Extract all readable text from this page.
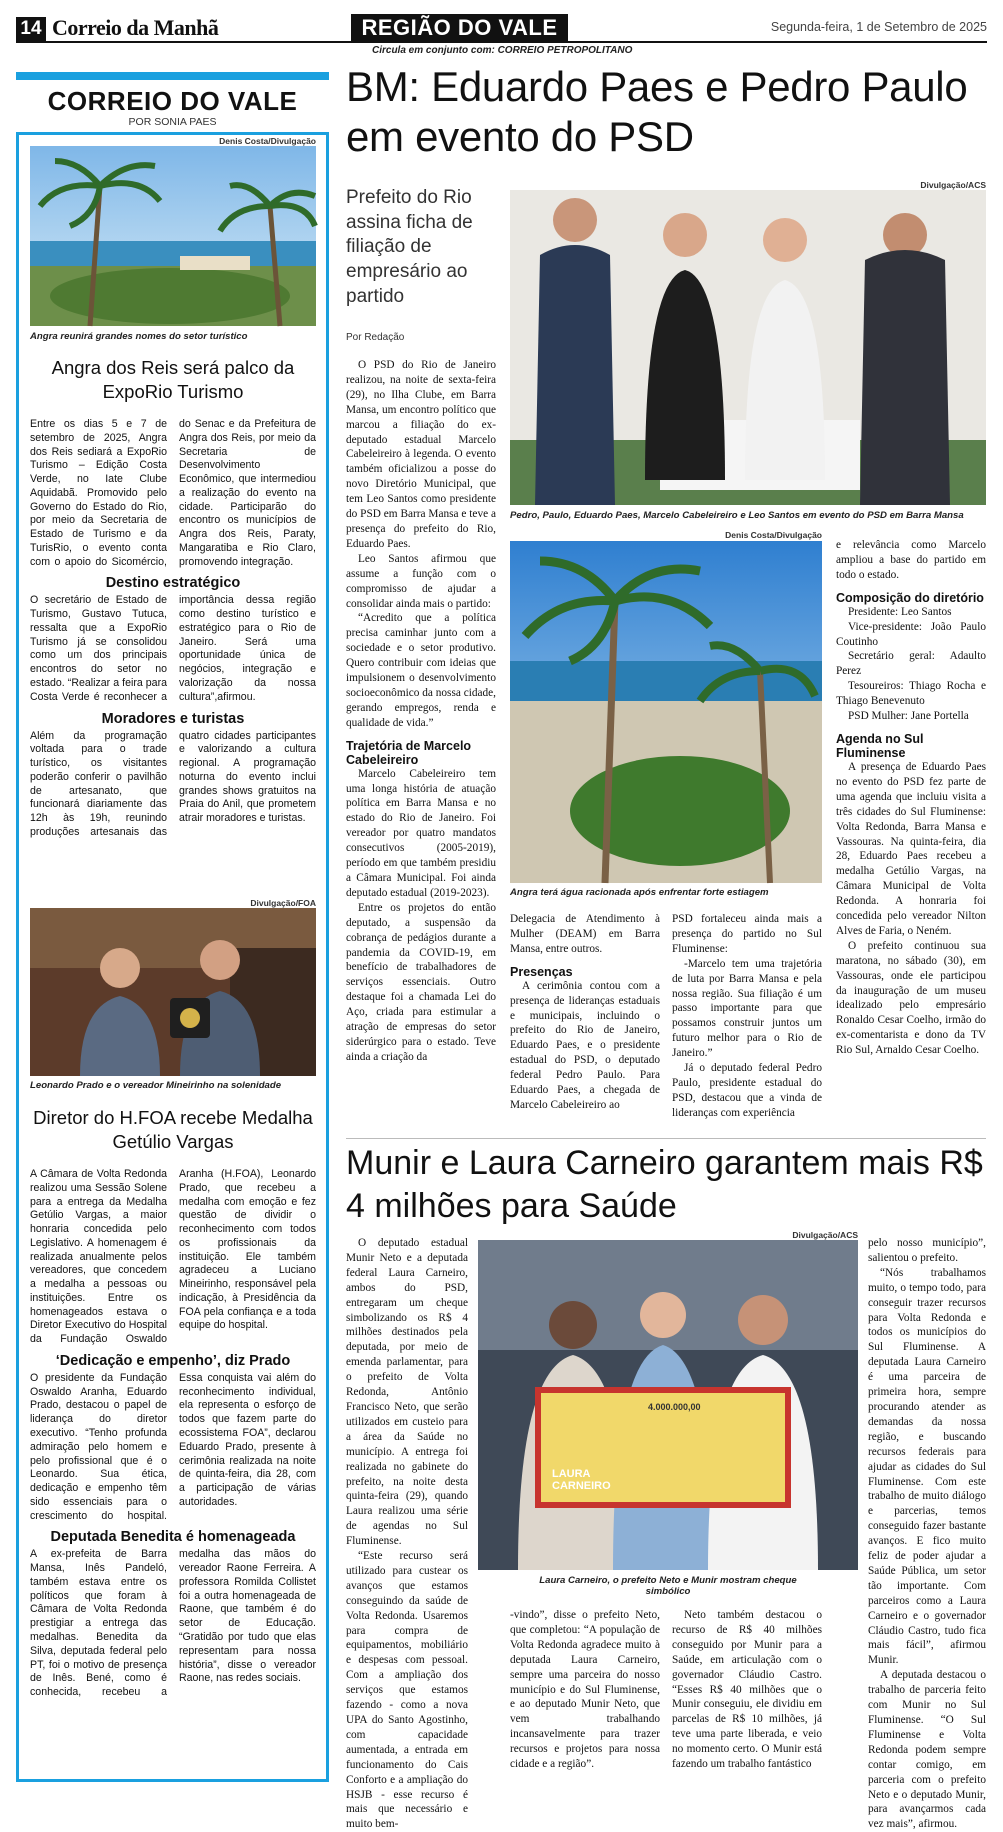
14 Correio da Manhã	REGIÃO DO VALE	Segunda-feira, 1 de Setembro de 2025
Circula em conjunto com: CORREIO PETROPOLITANO
CORREIO DO VALE
POR SONIA PAES
Denis Costa/Divulgação
Angra reunirá grandes nomes do setor turístico
Angra dos Reis será palco da ExpoRio Turismo

Entre os dias 5 e 7 de setembro de 2025, Angra dos Reis sediará a ExpoRio Turismo – Edição Costa Verde, no Iate Clube Aquidabã. Promovido pelo Governo do Estado do Rio, por meio da Secretaria de Estado de Turismo e da TurisRio, o evento conta com o apoio do Sicomércio, do Senac e da Prefeitura de Angra dos Reis, por meio da Secretaria de Desenvolvimento Econômico, que intermediou a realização do evento na cidade. Participarão do encontro os municípios de Angra dos Reis, Paraty, Mangaratiba e Rio Claro, promovendo integração.

Destino estratégico

O secretário de Estado de Turismo, Gustavo Tutuca, ressalta que a ExpoRio Turismo já se consolidou como um dos principais encontros do setor no estado. “Realizar a feira para Costa Verde é reconhecer a importância dessa região como destino turístico e estratégico para o Rio de Janeiro. Será uma oportunidade única de negócios, integração e valorização da nossa cultura”,afirmou.

Moradores e turistas

Além da programação voltada para o trade turístico, os visitantes poderão conferir o pavilhão de artesanato, que funcionará diariamente das 12h às 19h, reunindo produções artesanais das quatro cidades participantes e valorizando a cultura regional. A programação noturna do evento inclui grandes shows gratuitos na Praia do Anil, que prometem atrair moradores e turistas.

Divulgação/FOA
Leonardo Prado e o vereador Mineirinho na solenidade
Diretor do H.FOA recebe Medalha Getúlio Vargas

A Câmara de Volta Redonda realizou uma Sessão Solene para a entrega da Medalha Getúlio Vargas, a maior honraria concedida pelo Legislativo. A homenagem é realizada anualmente pelos vereadores, que concedem a medalha a pessoas ou instituições. Entre os homenageados estava o Diretor Executivo do Hospital da Fundação Oswaldo Aranha (H.FOA), Leonardo Prado, que recebeu a medalha com emoção e fez questão de dividir o reconhecimento com todos os profissionais da instituição. Ele também agradeceu a Luciano Mineirinho, responsável pela indicação, à Presidência da FOA pela confiança e a toda equipe do hospital.

‘Dedicação e empenho’, diz Prado

O presidente da Fundação Oswaldo Aranha, Eduardo Prado, destacou o papel de liderança do diretor executivo. “Tenho profunda admiração pelo homem e pelo profissional que é o Leonardo. Sua ética, dedicação e empenho têm sido essenciais para o crescimento do hospital. Essa conquista vai além do reconhecimento individual, ela representa o esforço de todos que fazem parte do ecossistema FOA”, declarou Eduardo Prado, presente à cerimônia realizada na noite de quinta-feira, dia 28, com a participação de várias autoridades.

Deputada Benedita é homenageada

A ex-prefeita de Barra Mansa, Inês Pandeló, também estava entre os políticos que foram à Câmara de Volta Redonda prestigiar a entrega das medalhas. Benedita da Silva, deputada federal pelo PT, foi o motivo de presença de Inês. Bené, como é conhecida, recebeu a medalha das mãos do vereador Raone Ferreira. A professora Romilda Collistet foi a outra homenageada de Raone, que também é do setor de Educação. “Gratidão por tudo que elas representam para nossa história”, disse o vereador Raone, nas redes sociais.

BM: Eduardo Paes e Pedro Paulo em evento do PSD
Prefeito do Rio assina ficha de filiação de empresário ao partido
Por Redação
Divulgação/ACS
Pedro, Paulo, Eduardo Paes, Marcelo Cabeleireiro e Leo Santos em evento do PSD em Barra Mansa
Denis Costa/Divulgação
Angra terá água racionada após enfrentar forte estiagem

O PSD do Rio de Janeiro realizou, na noite de sexta-feira (29), no Ilha Clube, em Barra Mansa, um encontro político que marcou a filiação do ex-deputado estadual Marcelo Cabeleireiro à legenda. O evento também oficializou a posse do novo Diretório Municipal, que tem Leo Santos como presidente do PSD em Barra Mansa e teve a presença do prefeito do Rio, Eduardo Paes.

Leo Santos afirmou que assume a função com o compromisso de ajudar a consolidar ainda mais o partido:

“Acredito que a política precisa caminhar junto com a sociedade e o setor produtivo. Quero contribuir com ideias que impulsionem o desenvolvimento socioeconômico da nossa cidade, gerando empregos, renda e qualidade de vida.”

Trajetória de Marcelo Cabeleireiro

Marcelo Cabeleireiro tem uma longa história de atuação política em Barra Mansa e no estado do Rio de Janeiro. Foi vereador por quatro mandatos consecutivos (2005-2019), período em que também presidiu a Câmara Municipal. Foi ainda deputado estadual (2019-2023).

Entre os projetos do então deputado, a suspensão da cobrança de pedágios durante a pandemia da COVID-19, em benefício de trabalhadores de serviços essenciais. Outro destaque foi a chamada Lei do Aço, criada para estimular a atração de empresas do setor siderúrgico para o estado. Teve ainda a criação da

Delegacia de Atendimento à Mulher (DEAM) em Barra Mansa, entre outros.

Presenças

A cerimônia contou com a presença de lideranças estaduais e municipais, incluindo o prefeito do Rio de Janeiro, Eduardo Paes, e o presidente estadual do PSD, o deputado federal Pedro Paulo. Para Eduardo Paes, a chegada de Marcelo Cabeleireiro ao

PSD fortaleceu ainda mais a presença do partido no Sul Fluminense:

-Marcelo tem uma trajetória de luta por Barra Mansa e pela nossa região. Sua filiação é um passo importante para que possamos construir juntos um futuro melhor para o Rio de Janeiro.”

Já o deputado federal Pedro Paulo, presidente estadual do PSD, destacou que a vinda de lideranças com experiência

e relevância como Marcelo ampliou a base do partido em todo o estado.

Composição do diretório

Presidente: Leo Santos

Vice-presidente: João Paulo Coutinho

Secretário geral: Adaulto Perez

Tesoureiros: Thiago Rocha e Thiago Benevenuto

PSD Mulher: Jane Portella

Agenda no Sul Fluminense

A presença de Eduardo Paes no evento do PSD fez parte de uma agenda que incluiu visita a três cidades do Sul Fluminense: Volta Redonda, Barra Mansa e Vassouras. Na quinta-feira, dia 28, Eduardo Paes recebeu a medalha Getúlio Vargas, na Câmara Municipal de Volta Redonda. A honraria foi concedida pelo vereador Nilton Alves de Faria, o Neném.

O prefeito continuou sua maratona, no sábado (30), em Vassouras, onde ele participou da inauguração de um museu idealizado pelo empresário Ronaldo Cesar Coelho, irmão do ex-comentarista e dono da TV Rio Sul, Arnaldo Cesar Coelho.

Munir e Laura Carneiro garantem mais R$ 4 milhões para Saúde
Divulgação/ACS
4.000.000,00
LAURA CARNEIRO
Laura Carneiro, o prefeito Neto e Munir mostram cheque simbólico

O deputado estadual Munir Neto e a deputada federal Laura Carneiro, ambos do PSD, entregaram um cheque simbolizando os R$ 4 milhões destinados pela deputada, por meio de emenda parlamentar, para o prefeito de Volta Redonda, Antônio Francisco Neto, que serão utilizados em custeio para a área da Saúde no município. A entrega foi realizada no gabinete do prefeito, na noite desta quinta-feira (29), quando Laura realizou uma série de agendas no Sul Fluminense.

“Este recurso será utilizado para custear os avanços que estamos conseguindo da saúde de Volta Redonda. Usaremos para compra de equipamentos, mobiliário e despesas com pessoal. Com a ampliação dos serviços que estamos fazendo - como a nova UPA do Santo Agostinho, com capacidade aumentada, a entrada em funcionamento do Cais Conforto e a ampliação do HSJB - esse recurso é mais que necessário e muito bem-

-vindo”, disse o prefeito Neto, que completou: “A população de Volta Redonda agradece muito à deputada Laura Carneiro, sempre uma parceira do nosso município e do Sul Fluminense, e ao deputado Munir Neto, que vem trabalhando incansavelmente para trazer recursos e projetos para nossa cidade e a região”.

Neto também destacou o recurso de R$ 40 milhões conseguido por Munir para a Saúde, em articulação com o governador Cláudio Castro. “Esses R$ 40 milhões que o Munir conseguiu, ele dividiu em parcelas de R$ 10 milhões, já teve uma parte liberada, e veio no momento certo. O Munir está fazendo um trabalho fantástico

pelo nosso município”, salientou o prefeito.

“Nós trabalhamos muito, o tempo todo, para conseguir trazer recursos para Volta Redonda e todos os municípios do Sul Fluminense. A deputada Laura Carneiro é uma parceira de primeira hora, sempre procurando atender as demandas da nossa região, e buscando recursos federais para ajudar as cidades do Sul Fluminense. Com este trabalho de muito diálogo e parcerias, temos conseguido fazer bastante avanços. E fico muito feliz de poder ajudar a Saúde Pública, um setor tão importante. Com parceiros como a Laura Carneiro e o governador Cláudio Castro, tudo fica mais fácil”, afirmou Munir.

A deputada destacou o trabalho de parceria feito com Munir no Sul Fluminense. “O Sul Fluminense e Volta Redonda podem sempre contar comigo, em parceria com o prefeito Neto e o deputado Munir, para avançarmos cada vez mais”, afirmou.
